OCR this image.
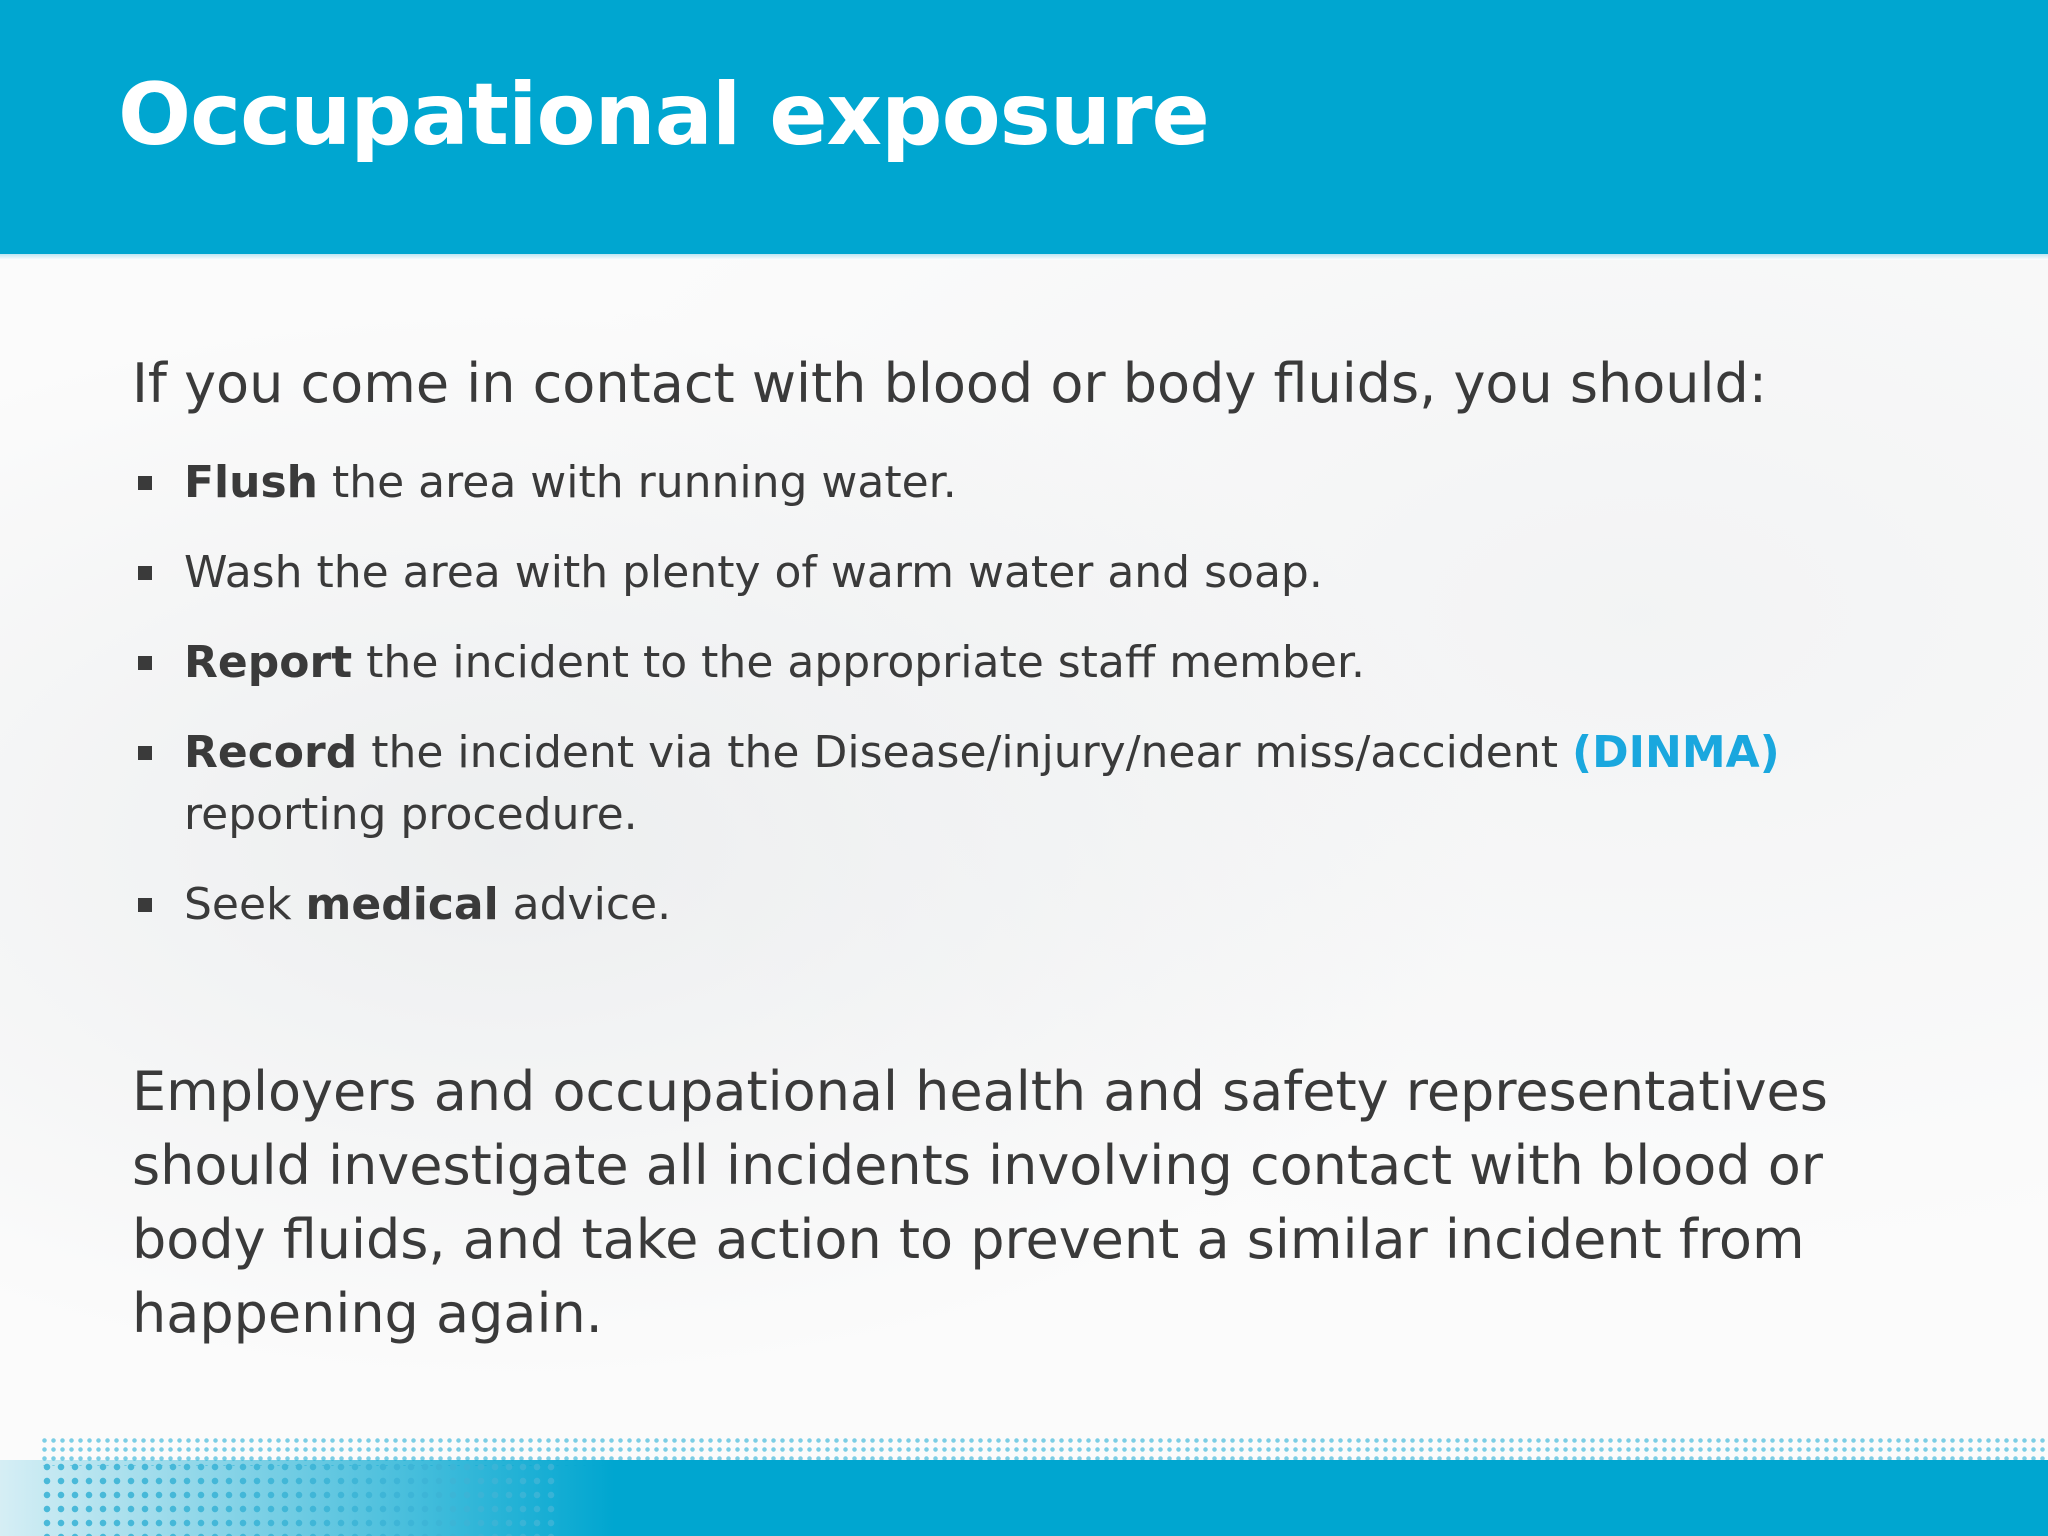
Occupational exposure

If you come in contact with blood or body fluids, you should:

Flush the area with running water.
Wash the area with plenty of warm water and soap.
Report the incident to the appropriate staff member.
Record the incident via the Disease/injury/near miss/accident (DINMA) reporting procedure.
Seek medical advice.

Employers and occupational health and safety representatives should investigate all incidents involving contact with blood or body fluids, and take action to prevent a similar incident from happening again.
